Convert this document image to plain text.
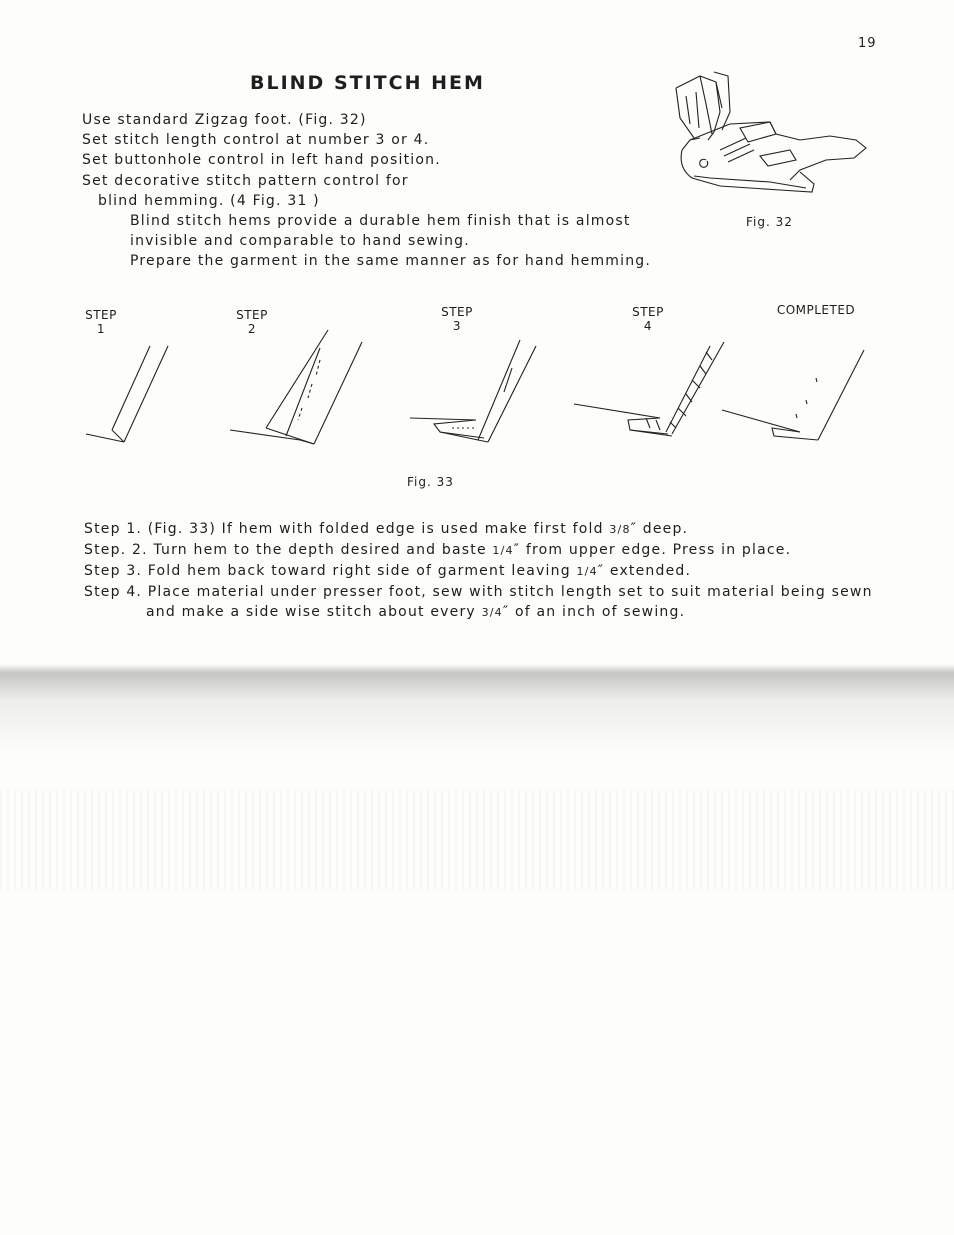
19
BLIND STITCH HEM
Use standard Zigzag foot. (Fig. 32)
Set stitch length control at number 3 or 4.
Set buttonhole control in left hand position.
Set decorative stitch pattern control for
blind hemming. (4 Fig. 31 )
Blind stitch hems provide a durable hem finish that is almost
invisible and comparable to hand sewing.
Prepare the garment in the same manner as for hand hemming.
Fig. 32
STEP
1
STEP
2
STEP
3
STEP
4
COMPLETED
Fig. 33
Step 1. (Fig. 33) If hem with folded edge is used make first fold 3/8″ deep.
Step. 2. Turn hem to the depth desired and baste 1/4″ from upper edge. Press in place.
Step 3. Fold hem back toward right side of garment leaving 1/4″ extended.
Step 4. Place material under presser foot, sew with stitch length set to suit material being sewn
and make a side wise stitch about every 3/4″ of an inch of sewing.
